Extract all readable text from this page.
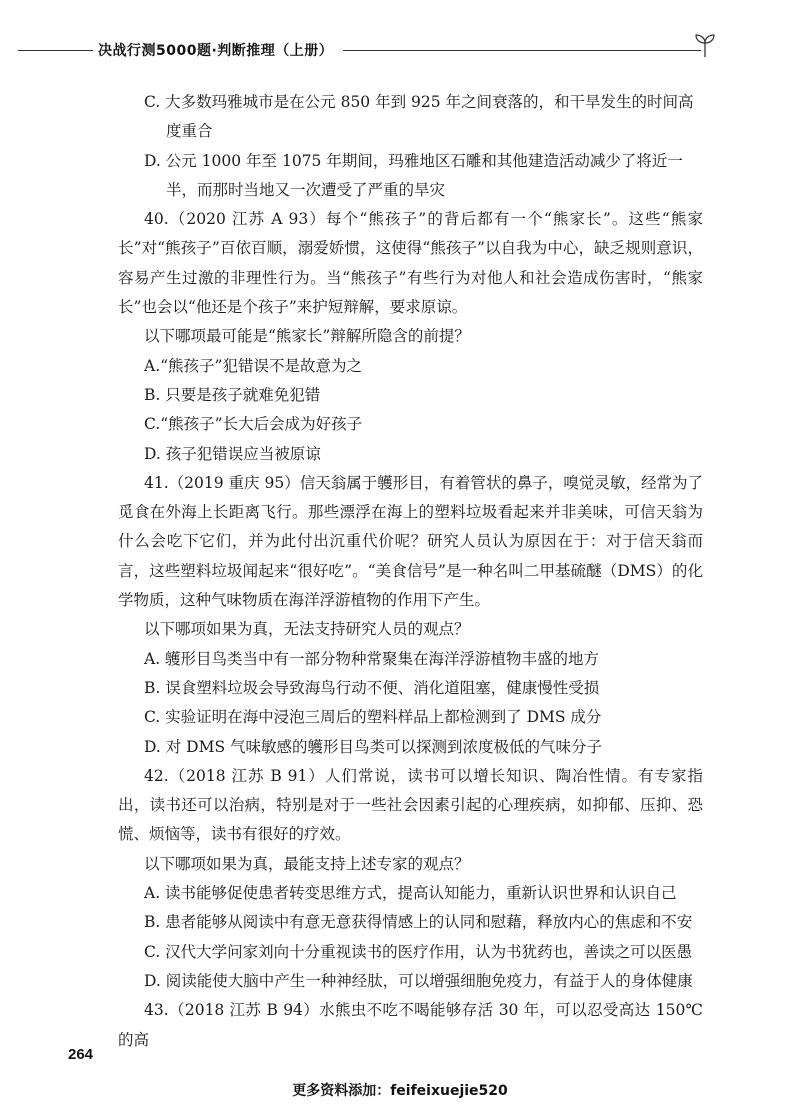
决战行测5000题·判断推理（上册）

C. 大多数玛雅城市是在公元 850 年到 925 年之间衰落的，和干旱发生的时间高度重合

D. 公元 1000 年至 1075 年期间，玛雅地区石雕和其他建造活动减少了将近一半，而那时当地又一次遭受了严重的旱灾

40.（2020 江苏 A 93）每个“熊孩子”的背后都有一个“熊家长”。这些“熊家长”对“熊孩子”百依百顺，溺爱娇惯，这使得“熊孩子”以自我为中心，缺乏规则意识，容易产生过激的非理性行为。当“熊孩子”有些行为对他人和社会造成伤害时，“熊家长”也会以“他还是个孩子”来护短辩解，要求原谅。

以下哪项最可能是“熊家长”辩解所隐含的前提？

A.“熊孩子”犯错误不是故意为之

B. 只要是孩子就难免犯错

C.“熊孩子”长大后会成为好孩子

D. 孩子犯错误应当被原谅

41.（2019 重庆 95）信天翁属于鹱形目，有着管状的鼻子，嗅觉灵敏，经常为了觅食在外海上长距离飞行。那些漂浮在海上的塑料垃圾看起来并非美味，可信天翁为什么会吃下它们，并为此付出沉重代价呢？研究人员认为原因在于：对于信天翁而言，这些塑料垃圾闻起来“很好吃”。“美食信号”是一种名叫二甲基硫醚（DMS）的化学物质，这种气味物质在海洋浮游植物的作用下产生。

以下哪项如果为真，无法支持研究人员的观点？

A. 鹱形目鸟类当中有一部分物种常聚集在海洋浮游植物丰盛的地方

B. 误食塑料垃圾会导致海鸟行动不便、消化道阻塞，健康慢性受损

C. 实验证明在海中浸泡三周后的塑料样品上都检测到了 DMS 成分

D. 对 DMS 气味敏感的鹱形目鸟类可以探测到浓度极低的气味分子

42.（2018 江苏 B 91）人们常说，读书可以增长知识、陶冶性情。有专家指出，读书还可以治病，特别是对于一些社会因素引起的心理疾病，如抑郁、压抑、恐慌、烦恼等，读书有很好的疗效。

以下哪项如果为真，最能支持上述专家的观点？

A. 读书能够促使患者转变思维方式，提高认知能力，重新认识世界和认识自己

B. 患者能够从阅读中有意无意获得情感上的认同和慰藉，释放内心的焦虑和不安

C. 汉代大学问家刘向十分重视读书的医疗作用，认为书犹药也，善读之可以医愚

D. 阅读能使大脑中产生一种神经肽，可以增强细胞免疫力，有益于人的身体健康

43.（2018 江苏 B 94）水熊虫不吃不喝能够存活 30 年，可以忍受高达 150℃的高

264
更多资料添加：feifeixuejie520
